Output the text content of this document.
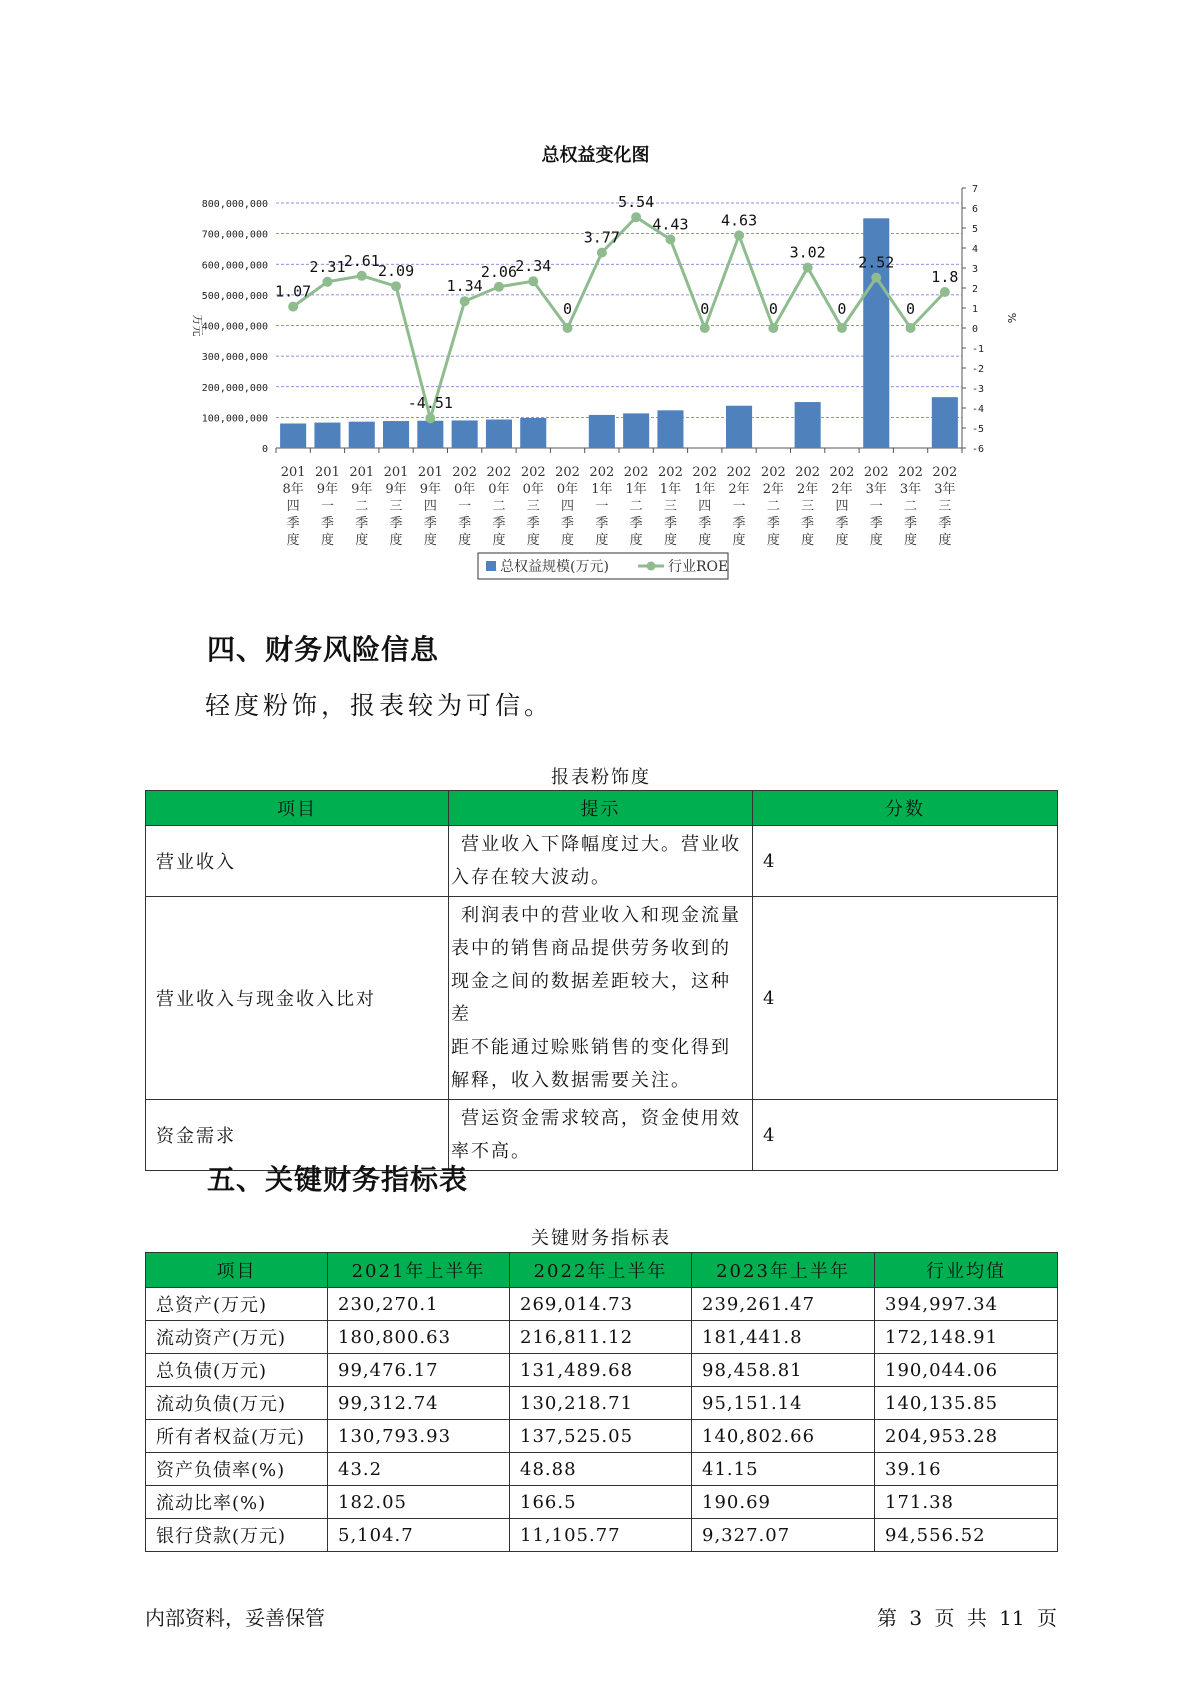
总权益变化图
0
100,000,000
200,000,000
300,000,000
400,000,000
500,000,000
600,000,000
700,000,000
800,000,000
-6
-5
-4
-3
-2
-1
0
1
2
3
4
5
6
7
万元	%
201
8年
四
季
度
201
9年
一
季
度
201
9年
二
季
度
201
9年
三
季
度
201
9年
四
季
度
202
0年
一
季
度
202
0年
二
季
度
202
0年
三
季
度
202
0年
四
季
度
202
1年
一
季
度
202
1年
二
季
度
202
1年
三
季
度
202
1年
四
季
度
202
2年
一
季
度
202
2年
二
季
度
202
2年
三
季
度
202
2年
四
季
度
202
3年
一
季
度
202
3年
二
季
度
202
3年
三
季
度
1.07
2.31
2.61
2.09
-4.51
1.34
2.06
2.34
0
3.77
5.54
4.43
0
4.63
0
3.02
0
2.52
0
1.8
总权益规模(万元)	行业ROE
四、财务风险信息
轻度粉饰，报表较为可信。
报表粉饰度
项目	提示	分数
营业收入	营业收入下降幅度过大。营业收
入存在较大波动。	4
营业收入与现金收入比对	利润表中的营业收入和现金流量
表中的销售商品提供劳务收到的
现金之间的数据差距较大，这种差
距不能通过赊账销售的变化得到
解释，收入数据需要关注。	4
资金需求	营运资金需求较高，资金使用效
率不高。	4
五、关键财务指标表
关键财务指标表
项目	2021年上半年	2022年上半年	2023年上半年	行业均值
总资产(万元)	230,270.1	269,014.73	239,261.47	394,997.34
流动资产(万元)	180,800.63	216,811.12	181,441.8	172,148.91
总负债(万元)	99,476.17	131,489.68	98,458.81	190,044.06
流动负债(万元)	99,312.74	130,218.71	95,151.14	140,135.85
所有者权益(万元)	130,793.93	137,525.05	140,802.66	204,953.28
资产负债率(%)	43.2	48.88	41.15	39.16
流动比率(%)	182.05	166.5	190.69	171.38
银行贷款(万元)	5,104.7	11,105.77	9,327.07	94,556.52
内部资料，妥善保管	第 3 页 共 11 页
